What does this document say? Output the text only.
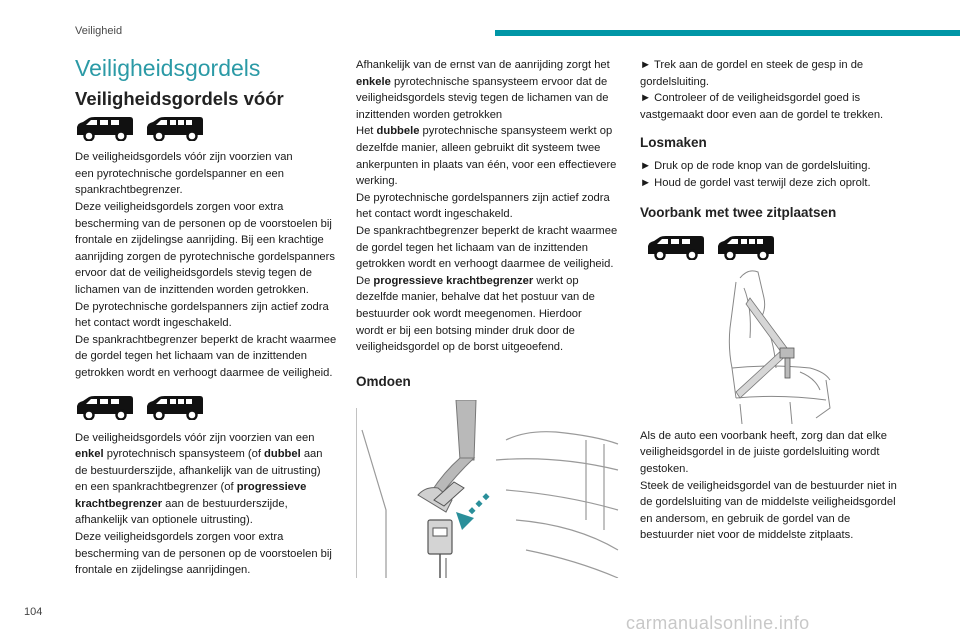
Veiligheid
Veiligheidsgordels
Veiligheidsgordels vóór

De veiligheidsgordels vóór zijn voorzien van

een pyrotechnische gordelspanner en een

spankrachtbegrenzer.

Deze veiligheidsgordels zorgen voor extra

bescherming van de personen op de voorstoelen bij

frontale en zijdelingse aanrijding. Bij een krachtige

aanrijding zorgen de pyrotechnische gordelspanners

ervoor dat de veiligheidsgordels stevig tegen de

lichamen van de inzittenden worden getrokken.

De pyrotechnische gordelspanners zijn actief zodra

het contact wordt ingeschakeld.

De spankrachtbegrenzer beperkt de kracht waarmee

de gordel tegen het lichaam van de inzittenden

getrokken wordt en verhoogt daarmee de veiligheid.

De veiligheidsgordels vóór zijn voorzien van een

enkel pyrotechnisch spansysteem (of dubbel aan

de bestuurderszijde, afhankelijk van de uitrusting)

en een spankrachtbegrenzer (of progressieve

krachtbegrenzer aan de bestuurderszijde,

afhankelijk van optionele uitrusting).

Deze veiligheidsgordels zorgen voor extra

bescherming van de personen op de voorstoelen bij

frontale en zijdelingse aanrijdingen.

Afhankelijk van de ernst van de aanrijding zorgt het

enkele pyrotechnische spansysteem ervoor dat de

veiligheidsgordels stevig tegen de lichamen van de

inzittenden worden getrokken

Het dubbele pyrotechnische spansysteem werkt op

dezelfde manier, alleen gebruikt dit systeem twee

ankerpunten in plaats van één, voor een effectievere

werking.

De pyrotechnische gordelspanners zijn actief zodra

het contact wordt ingeschakeld.

De spankrachtbegrenzer beperkt de kracht waarmee

de gordel tegen het lichaam van de inzittenden

getrokken wordt en verhoogt daarmee de veiligheid.

De progressieve krachtbegrenzer werkt op

dezelfde manier, behalve dat het postuur van de

bestuurder ook wordt meegenomen. Hierdoor

wordt er bij een botsing minder druk door de

veiligheidsgordel op de borst uitgeoefend.

Omdoen

► Trek aan de gordel en steek de gesp in de

gordelsluiting.

► Controleer of de veiligheidsgordel goed is

vastgemaakt door even aan de gordel te trekken.

Losmaken

► Druk op de rode knop van de gordelsluiting.

► Houd de gordel vast terwijl deze zich oprolt.

Voorbank met twee zitplaatsen

Als de auto een voorbank heeft, zorg dan dat elke

veiligheidsgordel in de juiste gordelsluiting wordt

gestoken.

Steek de veiligheidsgordel van de bestuurder niet in

de gordelsluiting van de middelste veiligheidsgordel

en andersom, en gebruik de gordel van de

bestuurder niet voor de middelste zitplaats.

104
carmanualsonline.info
